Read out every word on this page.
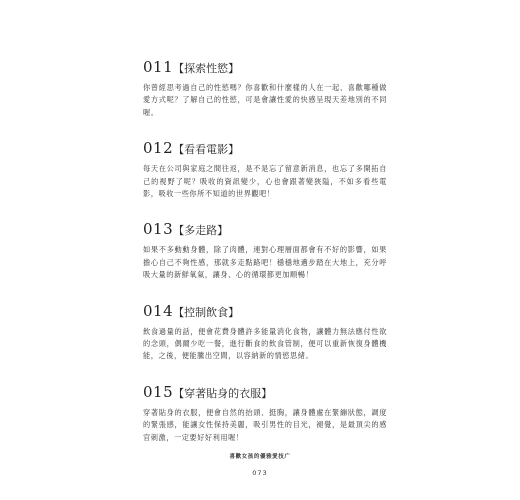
011 【 探索性慾 】

你曾經思考過自己的性慾嗎？你喜歡和什麼樣的人在一起、喜歡哪種做愛方式呢？了解自己的性慾，可是會讓性愛的快感呈現天差地別的不同喔。

012 【 看看電影 】

每天在公司與家庭之間往返，是不是忘了留意新消息，也忘了多開拓自己的視野了呢？吸收的資訊變少，心也會跟著變狹隘，不如多看些電影，吸收一些你所不知道的世界觀吧！

013 【 多走路 】

如果不多動動身體，除了肉體，連對心理層面都會有不好的影響，如果擔心自己不夠性感，那就多走點路吧！穩穩地邁步踏在大地上，充分呼吸大量的新鮮氧氣，讓身、心的循環都更加順暢！

014 【 控制飲食 】

飲食過量的話，便會花費身體許多能量消化食物，讓體力無法應付性欲的念頭，偶爾少吃一餐，進行斷食的飲食管制，便可以重新恢復身體機能，之後，便能騰出空間，以容納新的情慾思緒。

015 【 穿著貼身的衣服 】

穿著貼身的衣服，便會自然的抬頭、挺胸，讓身體處在緊繃狀態，調度的緊張感，能讓女性保持美麗，吸引男性的目光，褪覺，是最頂尖的感官刺激，一定要好好利用喔！

喜歡女孩的優雅愛技广
073
